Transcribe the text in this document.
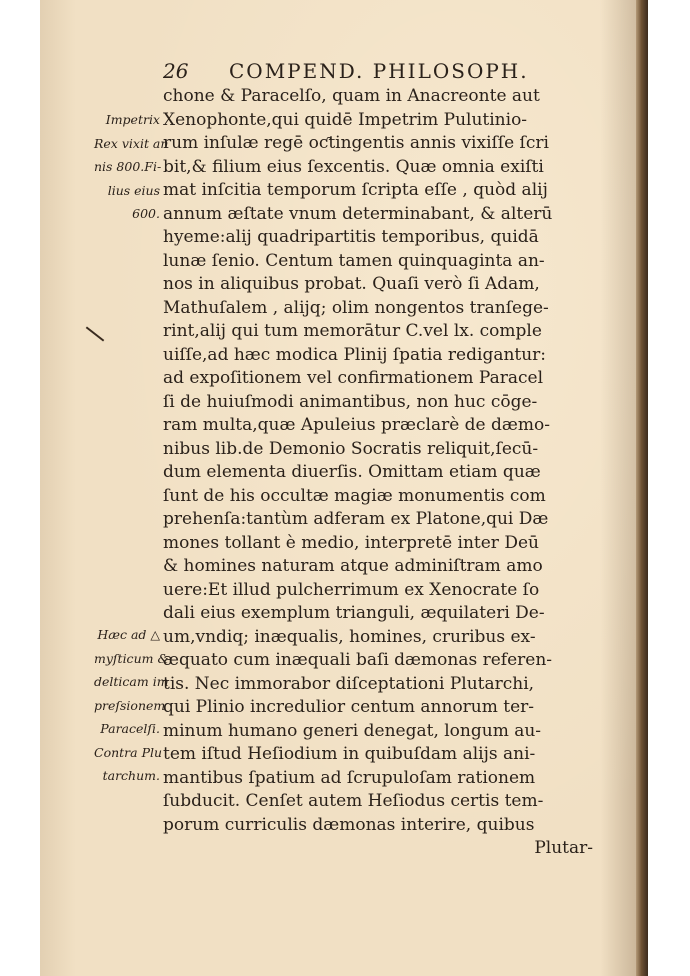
26 COMPEND. PHILOSOPH.
Impetrix
Rex vixit an
nis 800.Fi-
lius eius
600.
Hæc ad △
myſticum &
delticam im
preſsionem
Paracelſi.
Contra Plu
tarchum.
chone & Paracelſo, quam in Anacreonte aut
Xenophonte,qui quidē Impetrim Pulutinio-
rum inſulæ regē oƈtingentis annis vixiſſe ſcri
bit,& filium eius ſexcentis. Quæ omnia exiſti
mat inſcitia temporum ſcripta eſſe , quòd alij
annum æſtate vnum determinabant, & alterū
hyeme:alij quadripartitis temporibus, quidā
lunæ ſenio. Centum tamen quinquaginta an-
nos in aliquibus probat. Quaſi verò ſi Adam,
Mathuſalem , alijq; olim nongentos tranſege-
rint,alij qui tum memorātur C.vel lx. comple
uiſſe,ad hæc modica Plinij ſpatia redigantur:
ad expoſitionem vel confirmationem Paracel
ſi de huiuſmodi animantibus, non huc cōge-
ram multa,quæ Apuleius præclarè de dæmo-
nibus lib.de Demonio Socratis reliquit,ſecū-
dum elementa diuerſis. Omittam etiam quæ
ſunt de his occultæ magiæ monumentis com
prehenſa:tantùm adferam ex Platone,qui Dæ
mones tollant è medio, interpretē inter Deū
& homines naturam atque adminiſtram amo
uere:Et illud pulcherrimum ex Xenocrate ſo
dali eius exemplum trianguli, æquilateri De-
um,vndiq; inæqualis, homines, cruribus ex-
æquato cum inæquali baſi dæmonas referen-
tis. Nec immorabor diſceptationi Plutarchi,
qui Plinio incredulior centum annorum ter-
minum humano generi denegat, longum au-
tem iſtud Heſiodium in quibuſdam alijs ani-
mantibus ſpatium ad ſcrupuloſam rationem
ſubducit. Cenſet autem Heſiodus certis tem-
porum curriculis dæmonas interire, quibus
Plutar-
